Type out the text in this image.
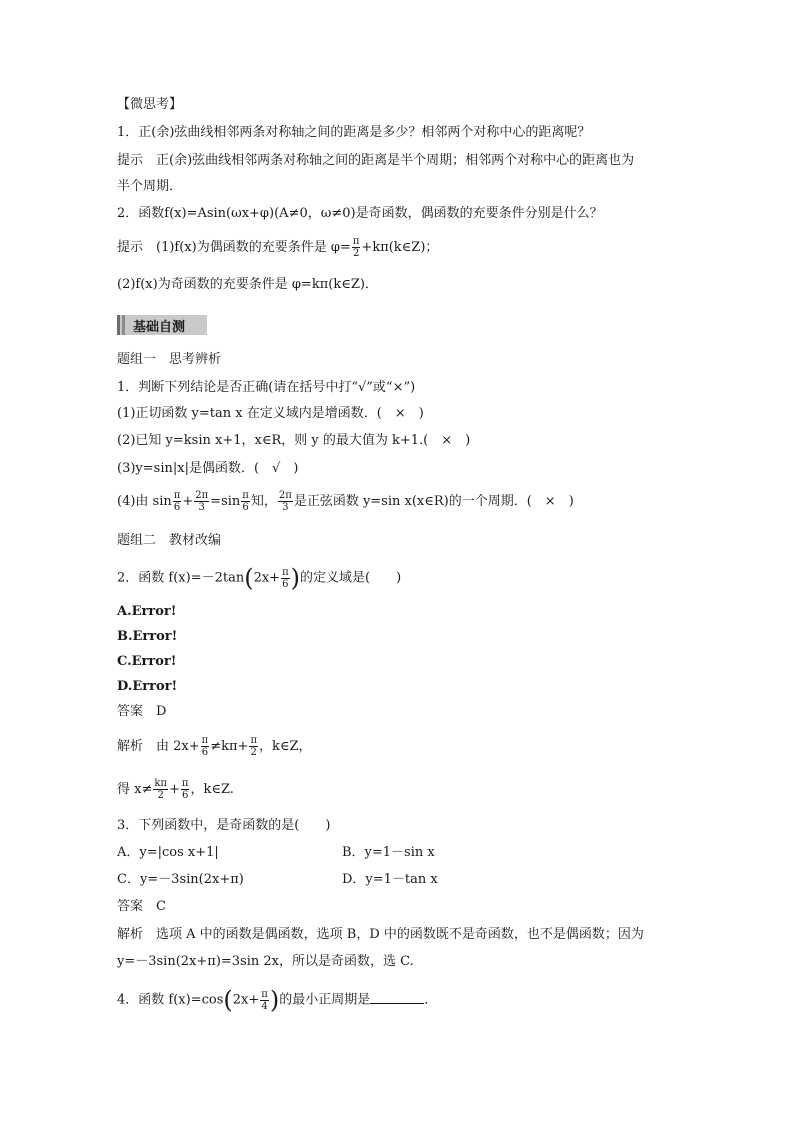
【微思考】
1．正(余)弦曲线相邻两条对称轴之间的距离是多少？相邻两个对称中心的距离呢？
提示　正(余)弦曲线相邻两条对称轴之间的距离是半个周期；相邻两个对称中心的距离也为
半个周期．
2．函数f(x)=Asin(ωx+φ)(A≠0，ω≠0)是奇函数，偶函数的充要条件分别是什么？
提示　(1)f(x)为偶函数的充要条件是 $\varphi= \frac{\pi}{2}$ +kπ(k∈Z)；
(2)f(x)为奇函数的充要条件是 φ=kπ(k∈Z)．
基础自测
题组一　思考辨析
1．判断下列结论是否正确(请在括号中打“√”或“×”)
(1)正切函数 y=tan x 在定义域内是增函数．(　×　)
(2)已知 y=ksin x+1，x∈R，则 y 的最大值为 k+1.(　×　)
(3)y=sin|x|是偶函数．(　√　)
(4)由 $\sin \frac{\pi}{6} + \frac{2\pi}{3} =\sin \frac{\pi}{6}$ 知， $\frac{2\pi}{3}$ 是正弦函数 y=sin x(x∈R)的一个周期．(　×　)
题组二　教材改编
2．函数 $f(x)=-2\tan(2x+ \frac{\pi}{6}$ )的定义域是(　　)
A.Error!
B.Error!
C.Error!
D.Error!
答案　D
解析　由 $2x+ \frac{\pi}{6} \ne k\pi+ \frac{\pi}{2}$ ，k∈Z，
得 $x\ne \frac{k\pi}{2} + \frac{\pi}{6}$ ，k∈Z.
3．下列函数中，是奇函数的是(　　)
A．y=|cos x+1|	B．y=1－sin x
C．y=－3sin(2x+π)	D．y=1－tan x
答案　C
解析　选项 A 中的函数是偶函数，选项 B，D 中的函数既不是奇函数，也不是偶函数；因为
y=－3sin(2x+π)=3sin 2x，所以是奇函数，选 C.
4．函数 $f(x)=\cos(2x+ \frac{\pi}{4}$ )的最小正周期是	．
